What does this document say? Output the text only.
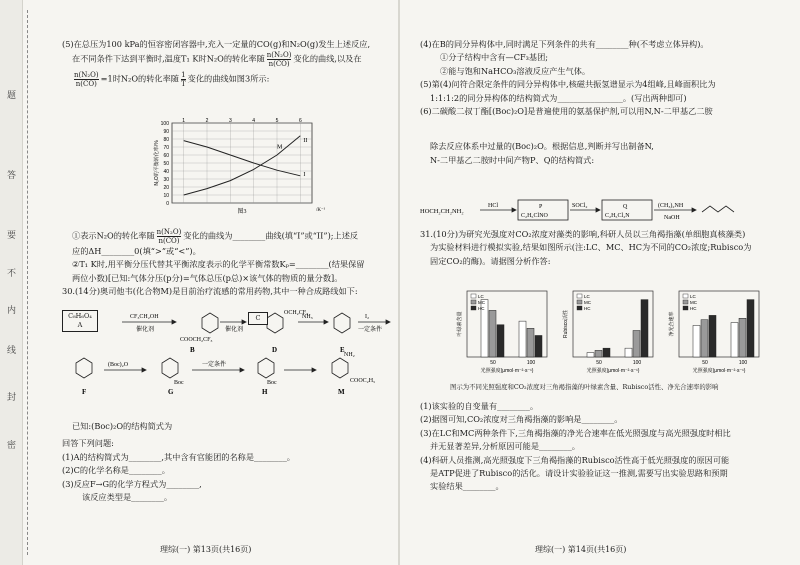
题
答
要
不
内
线
封
密

(5)在总压为100 kPa的恒容密闭容器中,充入一定量的CO(g)和N₂O(g)发生上述反应,

在不同条件下达到平衡时,温度T₁ K时N₂O的转化率随 $\frac{\text{n(N₂O)}}{n(CO)}$ 变化的曲线,以及在

$\frac{\text{n(N₂O)}}{n(CO)} =1$时N₂O的转化率随 $\frac{1}{T}$ 变化的曲线如图3所示:

0
10
20
30
40
50
60
70
80
90
100	1	2	3	4	5	6
I
II
M
N₂O的平衡转化率/%
图3	/K⁻¹

①表示N₂O的转化率随 $\frac{\text{n(N₂O)}}{n(CO)}$ 变化的曲线为________曲线(填“I”或“II”);上述反

应的ΔH________0(填“>”或“<”)。

②T₁ K时,用平衡分压代替其平衡浓度表示的化学平衡常数Kₚ=________(结果保留

两位小数)[已知:气体分压(p分)=气体总压(p总)×该气体的物质的量分数]。

30.(14分)奥司他韦(化合物M)是目前治疗流感的常用药物,其中一种合成路线如下:

CF₃CH₂OH
催化剂
COOCH₂CF₃
B
催化剂
OCH₂CF₃
D
NH₃
E
I₂
一定条件
(Boc)₂O
F	G
一定条件
H
Boc
NH₂
COOC₂H₅
M
Boc
C₈H₆O₄
A
C

已知:(Boc)₂O的结构简式为

回答下列问题:

(1)A的结构简式为________,其中含有官能团的名称是________。

(2)C的化学名称是________。

(3)反应F→G的化学方程式为________,

该反应类型是________。

理综(一) 第13页(共16页)

(4)在B的同分异构体中,同时满足下列条件的共有________种(不考虑立体异构)。

①分子结构中含有—CF₃基团;

②能与饱和NaHCO₃溶液反应产生气体。

(5)第(4)问符合限定条件的同分异构体中,核磁共振氢谱显示为4组峰,且峰面积比为

1:1:1:2的同分异构体的结构简式为________________。(写出两种即可)

(6)二碳酸二叔丁酯[(Boc)₂O]是普遍使用的氨基保护剂,可以用N,N-二甲基乙二胺

除去反应体系中过量的(Boc)₂O。根据信息,判断并写出制备N,

N-二甲基乙二胺时中间产物P、Q的结构简式:

HOCH₂CH₂NH₂
HCl	P
C₂H₅ClNO
SOCl₂	Q
C₂H₅Cl₂N
(CH₃)₂NH
NaOH

31.(10分)为研究光强度对CO₂浓度对藻类的影响,科研人员以三角褐指藻(单细胞真核藻类)

为实验材料进行模拟实验,结果如图所示(注:LC、MC、HC为不同的CO₂浓度;Rubisco为

固定CO₂的酶)。请据图分析作答:

叶绿素含量
50	100
光照强度(μmol·m⁻²·s⁻¹)
LC
MC
HC
Rubisco活性
50	100
光照强度(μmol·m⁻²·s⁻¹)
LC
MC
HC
净光合速率
50	100
光照强度(μmol·m⁻²·s⁻¹)
LC
MC
HC
图示为不同光照强度和CO₂浓度对三角褐指藻的叶绿素含量、Rubisco活性、净光合速率的影响

(1)该实验的自变量有________。

(2)据图可知,CO₂浓度对三角褐指藻的影响是________。

(3)在LC和MC两种条件下,三角褐指藻的净光合速率在低光照强度与高光照强度时相比

并无显著差异,分析原因可能是________。

(4)科研人员推测,高光照强度下三角褐指藻的Rubisco活性高于低光照强度的原因可能

是ATP促进了Rubisco的活化。请设计实验验证这一推测,需要写出实验思路和预期

实验结果________。

理综(一) 第14页(共16页)
